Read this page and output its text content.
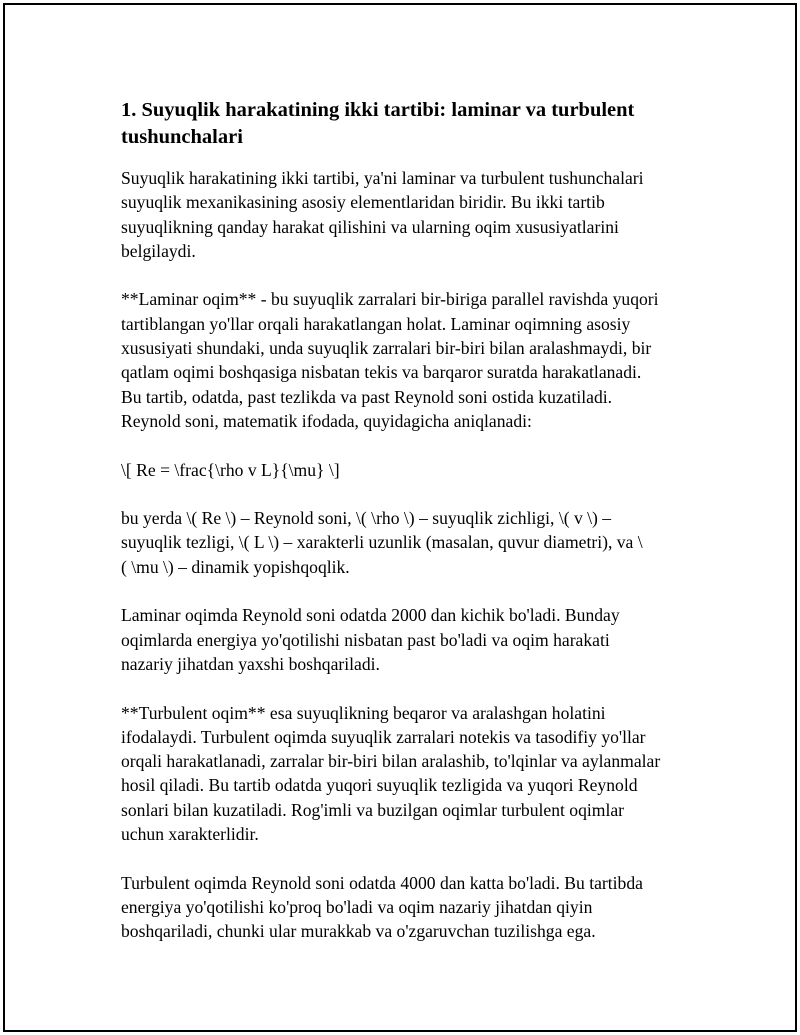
1. Suyuqlik harakatining ikki tartibi: laminar va turbulent
tushunchalari

Suyuqlik harakatining ikki tartibi, ya'ni laminar va turbulent tushunchalari
suyuqlik mexanikasining asosiy elementlaridan biridir. Bu ikki tartib
suyuqlikning qanday harakat qilishini va ularning oqim xususiyatlarini
belgilaydi.

**Laminar oqim** - bu suyuqlik zarralari bir-biriga parallel ravishda yuqori
tartiblangan yo'llar orqali harakatlangan holat. Laminar oqimning asosiy
xususiyati shundaki, unda suyuqlik zarralari bir-biri bilan aralashmaydi, bir
qatlam oqimi boshqasiga nisbatan tekis va barqaror suratda harakatlanadi.
Bu tartib, odatda, past tezlikda va past Reynold soni ostida kuzatiladi.
Reynold soni, matematik ifodada, quyidagicha aniqlanadi:

\[ Re = \frac{\rho v L}{\mu} \]

bu yerda \( Re \) – Reynold soni, \( \rho \) – suyuqlik zichligi, \( v \) –
suyuqlik tezligi, \( L \) – xarakterli uzunlik (masalan, quvur diametri), va \
( \mu \) – dinamik yopishqoqlik.

Laminar oqimda Reynold soni odatda 2000 dan kichik bo'ladi. Bunday
oqimlarda energiya yo'qotilishi nisbatan past bo'ladi va oqim harakati
nazariy jihatdan yaxshi boshqariladi.

**Turbulent oqim** esa suyuqlikning beqaror va aralashgan holatini
ifodalaydi. Turbulent oqimda suyuqlik zarralari notekis va tasodifiy yo'llar
orqali harakatlanadi, zarralar bir-biri bilan aralashib, to'lqinlar va aylanmalar
hosil qiladi. Bu tartib odatda yuqori suyuqlik tezligida va yuqori Reynold
sonlari bilan kuzatiladi. Rog'imli va buzilgan oqimlar turbulent oqimlar
uchun xarakterlidir.

Turbulent oqimda Reynold soni odatda 4000 dan katta bo'ladi. Bu tartibda
energiya yo'qotilishi ko'proq bo'ladi va oqim nazariy jihatdan qiyin
boshqariladi, chunki ular murakkab va o'zgaruvchan tuzilishga ega.
